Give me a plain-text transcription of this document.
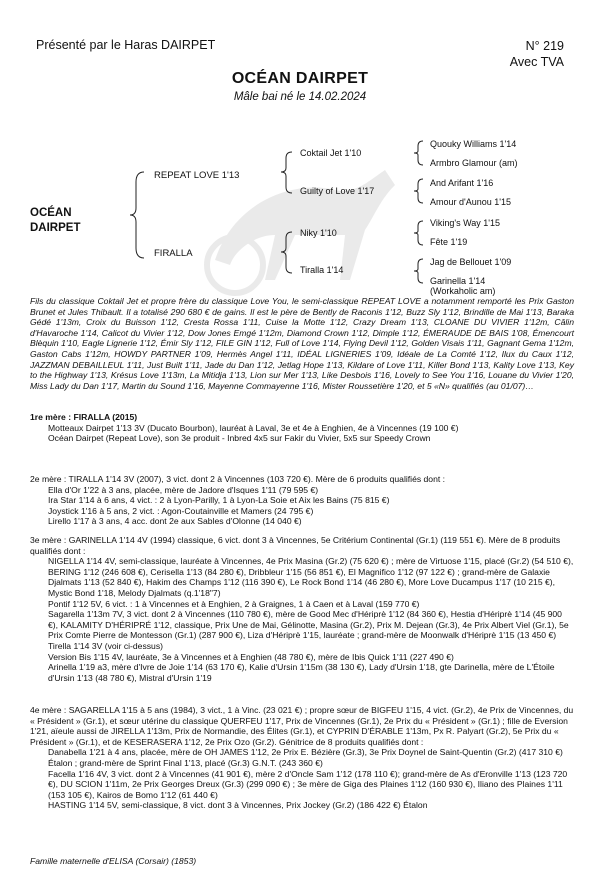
Présenté par le Haras DAIRPET	N° 219
Avec TVA
OCÉAN DAIRPET
Mâle bai né le 14.02.2024
OCÉAN
DAIRPET
REPEAT LOVE 1'13
FIRALLA
Coktail Jet 1'10
Guilty of Love 1'17
Niky 1'10
Tiralla 1'14
Quouky Williams 1'14
Armbro Glamour (am)
And Arifant 1'16
Amour d'Aunou 1'15
Viking's Way 1'15
Fête 1'19
Jag de Bellouet 1'09
Garinella 1'14
(Workaholic am)
Fils du classique Coktail Jet et propre frère du classique Love You, le semi-classique REPEAT LOVE a notamment remporté les Prix Gaston Brunet et Jules Thibault. Il a totalisé 290 680 € de gains. Il est le père de Bently de Raconis 1'12, Buzz Sly 1'12, Brindille de Mai 1'13, Baraka Gédé 1'13m, Croix du Buisson 1'12, Cresta Rossa 1'11, Cuise la Motte 1'12, Crazy Dream 1'13, CLOANE DU VIVIER 1'12m, Câlin d'Havaroche 1'14, Calicot du Vivier 1'12, Dow Jones Emgé 1'12m, Diamond Crown 1'12, Dimple 1'12, ÉMERAUDE DE BAIS 1'08, Émencourt Blèquin 1'10, Eagle Lignerie 1'12, Émir Sly 1'12, FILE GIN 1'12, Full of Love 1'14, Flying Devil 1'12, Golden Visais 1'11, Gagnant Gema 1'12m, Gaston Cabs 1'12m, HOWDY PARTNER 1'09, Hermès Angel 1'11, IDÉAL LIGNERIES 1'09, Idéale de La Comté 1'12, Ilux du Caux 1'12, JAZZMAN DEBAILLEUL 1'11, Just Built 1'11, Jade du Dan 1'12, Jetlag Hope 1'13, Kildare of Love 1'11, Killer Bond 1'13, Kality Love 1'13, Key to the Highway 1'13, Krésus Love 1'13m, La Mitidja 1'13, Lion sur Mer 1'13, Like Desbois 1'16, Lovely to See You 1'16, Louane du Vivier 1'20, Miss Lady du Dan 1'17, Martin du Sound 1'16, Mayenne Commayenne 1'16, Mister Roussetière 1'20, et 5 «N» qualifiés (au 01/07)…
1re mère : FIRALLA (2015)
Motteaux Dairpet 1'13 3V (Ducato Bourbon), lauréat à Laval, 3e et 4e à Enghien, 4e à Vincennes (19 100 €)
Océan Dairpet (Repeat Love), son 3e produit - Inbred 4x5 sur Fakir du Vivier, 5x5 sur Speedy Crown
2e mère : TIRALLA 1'14 3V (2007), 3 vict. dont 2 à Vincennes (103 720 €). Mère de 6 produits qualifiés dont :
Ella d'Or 1'22 à 3 ans, placée, mère de Jadore d'Isques 1'11 (79 595 €)
Ira Star 1'14 à 6 ans, 4 vict. : 2 à Lyon-Parilly, 1 à Lyon-La Soie et Aix les Bains (75 815 €)
Joystick 1'16 à 5 ans, 2 vict. : Agon-Coutainville et Mamers (24 795 €)
Lirello 1'17 à 3 ans, 4 acc. dont 2e aux Sables d'Olonne (14 040 €)
3e mère : GARINELLA 1'14 4V (1994) classique, 6 vict. dont 3 à Vincennes, 5e Critérium Continental (Gr.1) (119 551 €). Mère de 8 produits qualifiés dont :
NIGELLA 1'14 4V, semi-classique, lauréate à Vincennes, 4e Prix Masina (Gr.2) (75 620 €) ; mère de Virtuose 1'15, placé (Gr.2) (54 510 €), BERING 1'12 (246 608 €), Cerisella 1'13 (84 280 €), Dribbleur 1'15 (56 851 €), El Magnifico 1'12 (97 122 €) ; grand-mère de Galaxie Djalmats 1'13 (52 840 €), Hakim des Champs 1'12 (116 390 €), Le Rock Bond 1'14 (46 280 €), More Love Ducampus 1'17 (10 215 €), Mystic Bond 1'18, Melody Djalmats (q.1'18"7)
Pontif 1'12 5V, 6 vict. : 1 à Vincennes et à Enghien, 2 à Graignes, 1 à Caen et à Laval (159 770 €)
Sagarella 1'13m 7V, 3 vict. dont 2 à Vincennes (110 780 €), mère de Good Mec d'Hériprè 1'12 (84 360 €), Hestia d'Hériprè 1'14 (45 900 €), KALAMITY D'HÉRIPRÉ 1'12, classique, Prix Une de Mai, Gélinotte, Masina (Gr.2), Prix M. Dejean (Gr.3), 4e Prix Albert Viel (Gr.1), 5e Prix Comte Pierre de Montesson (Gr.1) (287 900 €), Liza d'Hériprè 1'15, lauréate ; grand-mère de Moonwalk d'Hériprè 1'15 (13 450 €)
Tirella 1'14 3V (voir ci-dessus)
Version Bis 1'15 4V, lauréate, 3e à Vincennes et à Enghien (48 780 €), mère de Ibis Quick 1'11 (227 490 €)
Arinella 1'19 a3, mère d'Ivre de Joie 1'14 (63 170 €), Kalie d'Ursin 1'15m (38 130 €), Lady d'Ursin 1'18, gte Darinella, mère de L'Étoile d'Ursin 1'13 (48 780 €), Mistral d'Ursin 1'19
4e mère : SAGARELLA 1'15 à 5 ans (1984), 3 vict., 1 à Vinc. (23 021 €) ; propre sœur de BIGFEU 1'15, 4 vict. (Gr.2), 4e Prix de Vincennes, du « Président » (Gr.1), et sœur utérine du classique QUERFEU 1'17, Prix de Vincennes (Gr.1), 2e Prix du « Président » (Gr.1) ; fille de Eversion 1'21, aïeule aussi de JIRELLA 1'13m, Prix de Normandie, des Élites (Gr.1), et CYPRIN D'ÉRABLE 1'13m, Px R. Palyart (Gr.2), 5e Prix du « Président » (Gr.1), et de KESERASERA 1'12, 2e Prix Ozo (Gr.2). Génitrice de 8 produits qualifiés dont :
Danabella 1'21 à 4 ans, placée, mère de OH JAMES 1'12, 2e Prix E. Bézière (Gr.3), 3e Prix Doynel de Saint-Quentin (Gr.2) (417 310 €) Étalon ; grand-mère de Sprint Final 1'13, placé (Gr.3) G.N.T. (243 360 €)
Facella 1'16 4V, 3 vict. dont 2 à Vincennes (41 901 €), mère 2 d'Oncle Sam 1'12 (178 110 €); grand-mère de As d'Eronville 1'13 (123 720 €), DU SCION 1'11m, 2e Prix Georges Dreux (Gr.3) (299 090 €) ; 3e mère de Giga des Plaines 1'12 (160 930 €), Iliano des Plaines 1'11 (153 105 €), Kairos de Bomo 1'12 (61 440 €)
HASTING 1'14 5V, semi-classique, 8 vict. dont 3 à Vincennes, Prix Jockey (Gr.2) (186 422 €) Étalon
Famille maternelle d'ELISA (Corsair) (1853)
